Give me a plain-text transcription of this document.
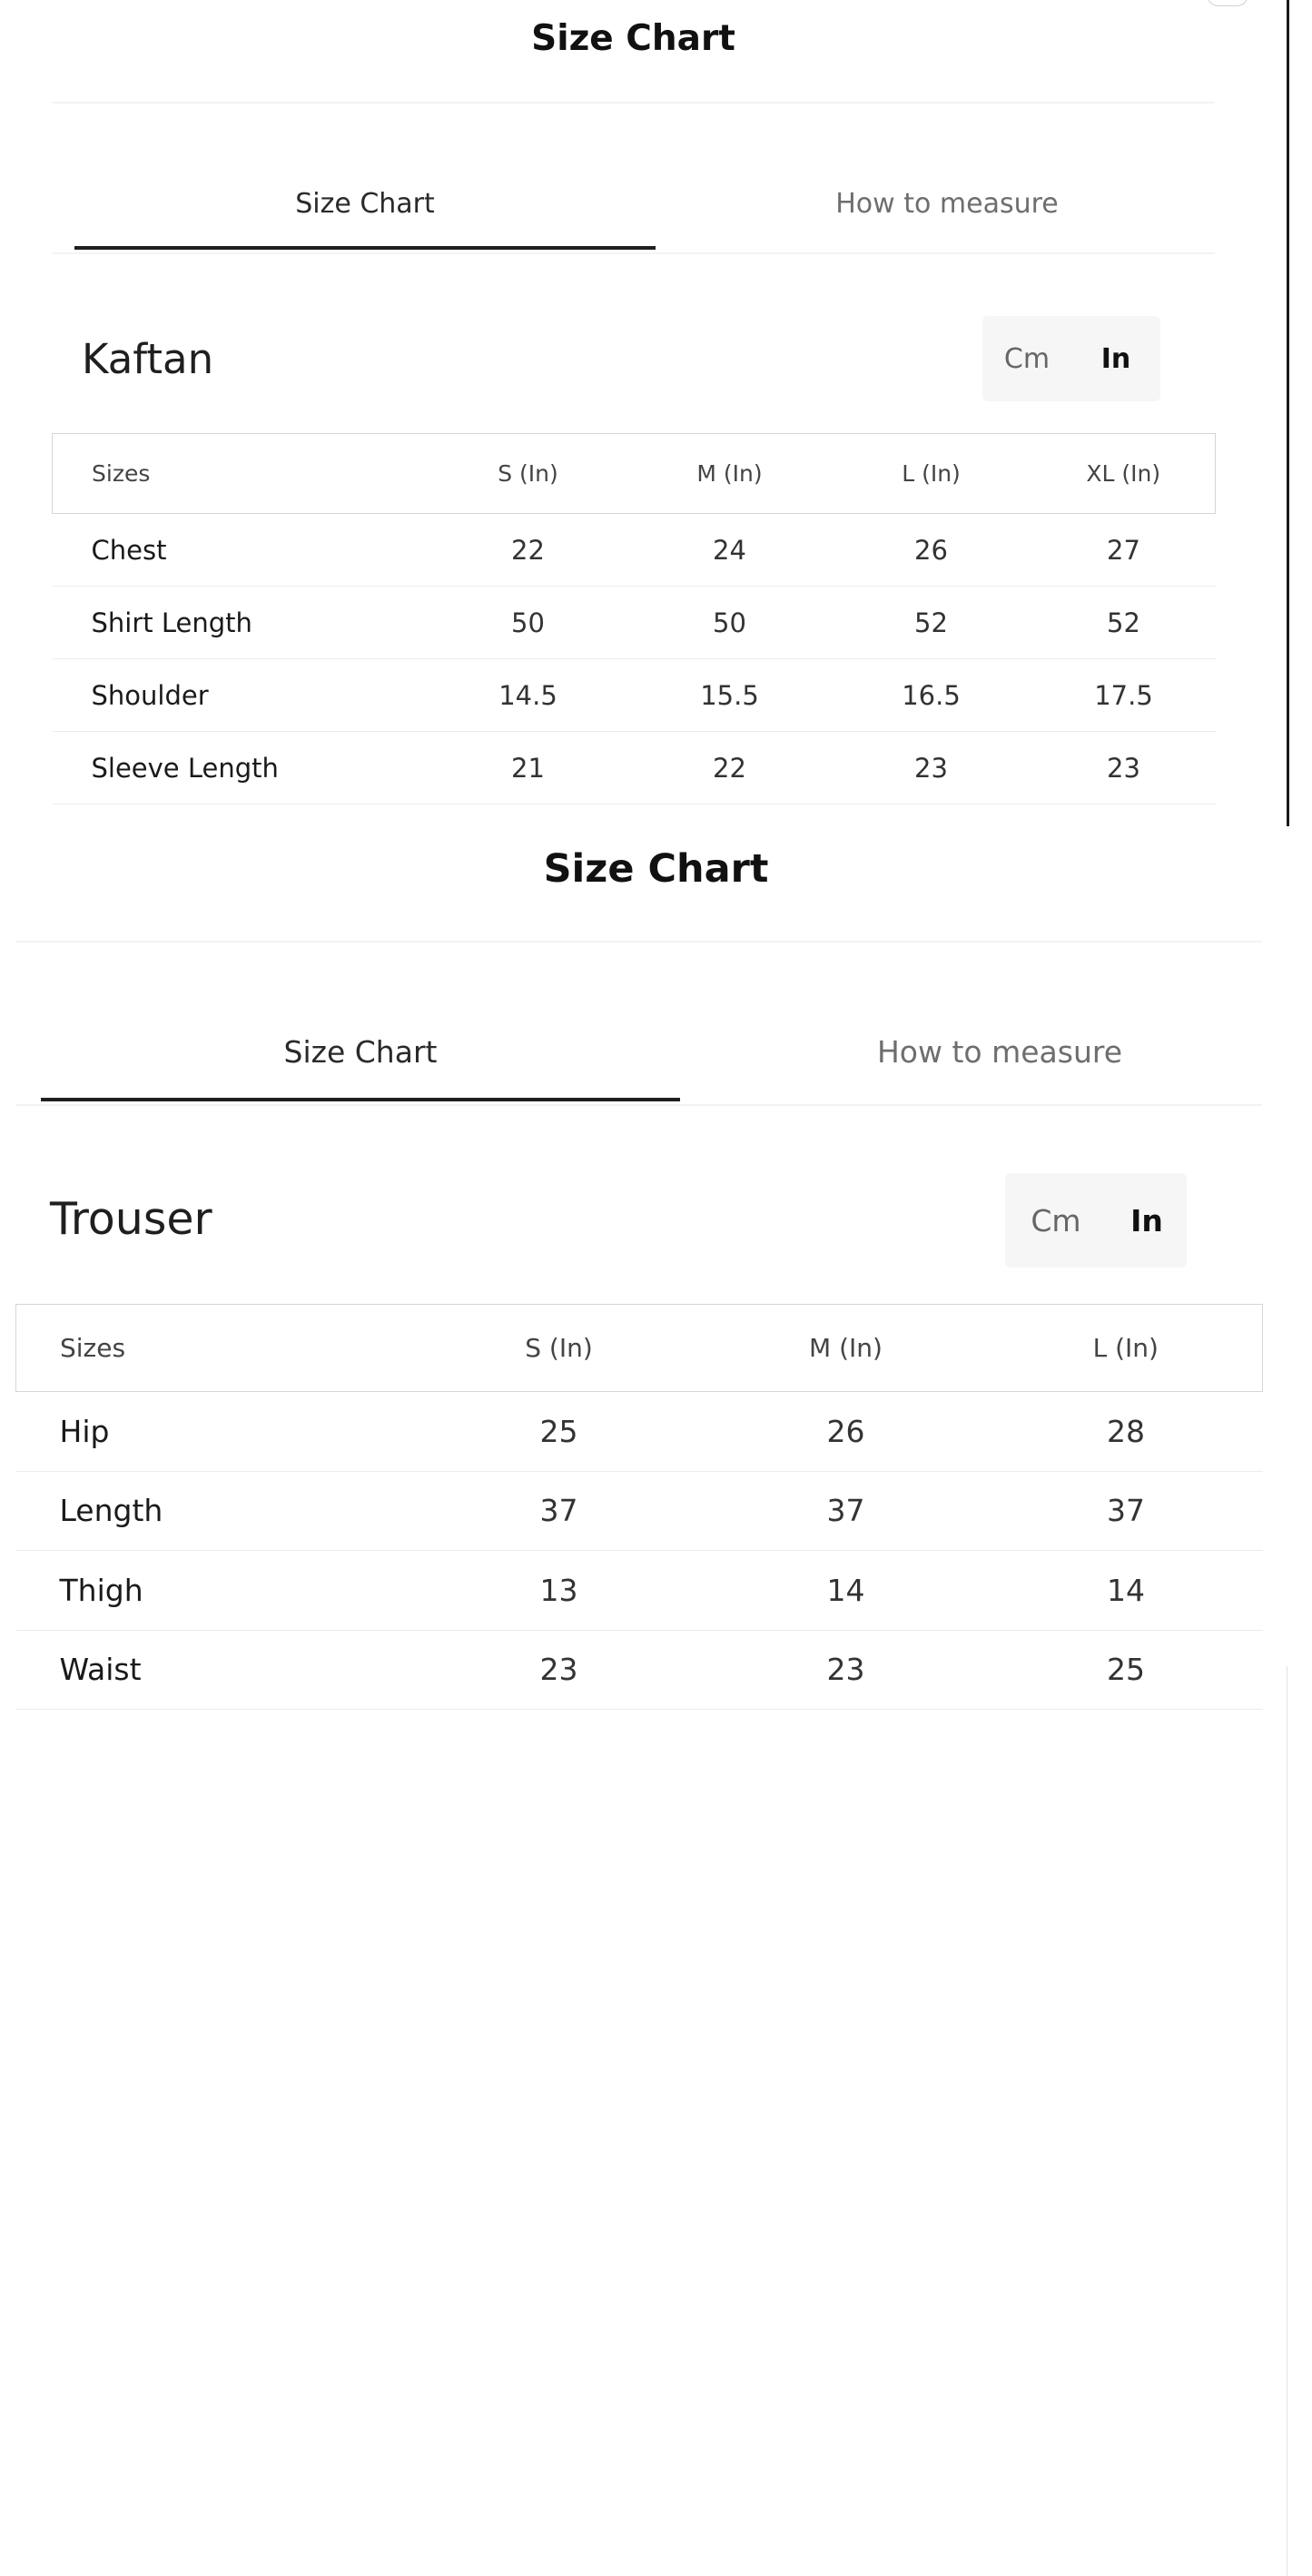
Size Chart
Size Chart	How to measure
Kaftan	Cm	In
Sizes	S (In)	M (In)	L (In)	XL (In)
Chest	22	24	26	27
Shirt Length	50	50	52	52
Shoulder	14.5	15.5	16.5	17.5
Sleeve Length	21	22	23	23
Size Chart
Size Chart	How to measure
Trouser	Cm	In
Sizes	S (In)	M (In)	L (In)
Hip	25	26	28
Length	37	37	37
Thigh	13	14	14
Waist	23	23	25
